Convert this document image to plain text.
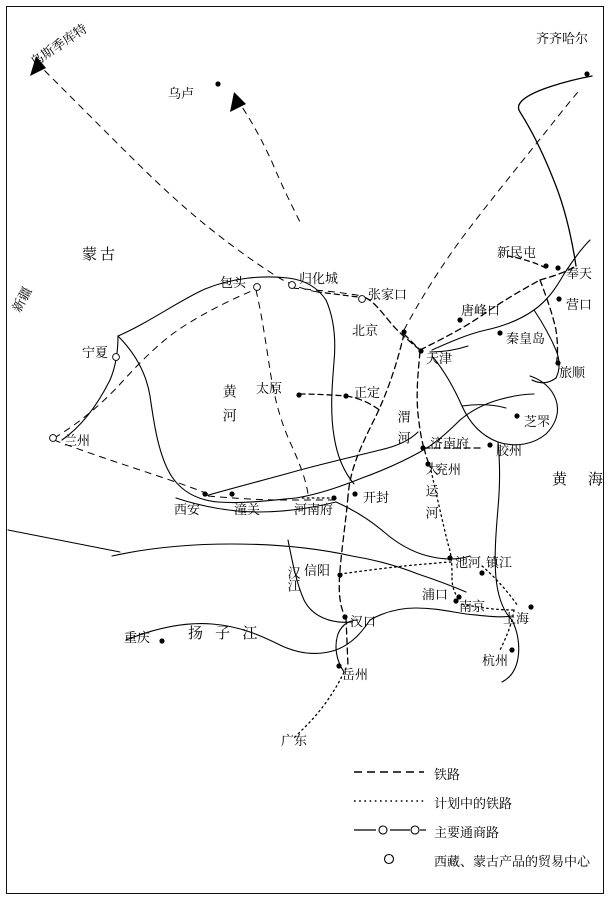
蒙古
新疆
黄　海
扬 子 江
汉江
黄河	渭河
大运河
齐齐哈尔
乌卢
乌斯季库特
新民屯
奉天
营口
旅顺
秦皇岛
唐峰口
张家口
归化城
包头
宁夏
兰州
北京
天津
太原	正定
芝罘
济南府 胶州
兖州
开封
河南府
潼关
西安
池河 镇江
浦口
南京
上海
杭州
信阳
汉口
岳州
广东
重庆
铁路
计划中的铁路
主要通商路
西藏、蒙古产品的贸易中心
